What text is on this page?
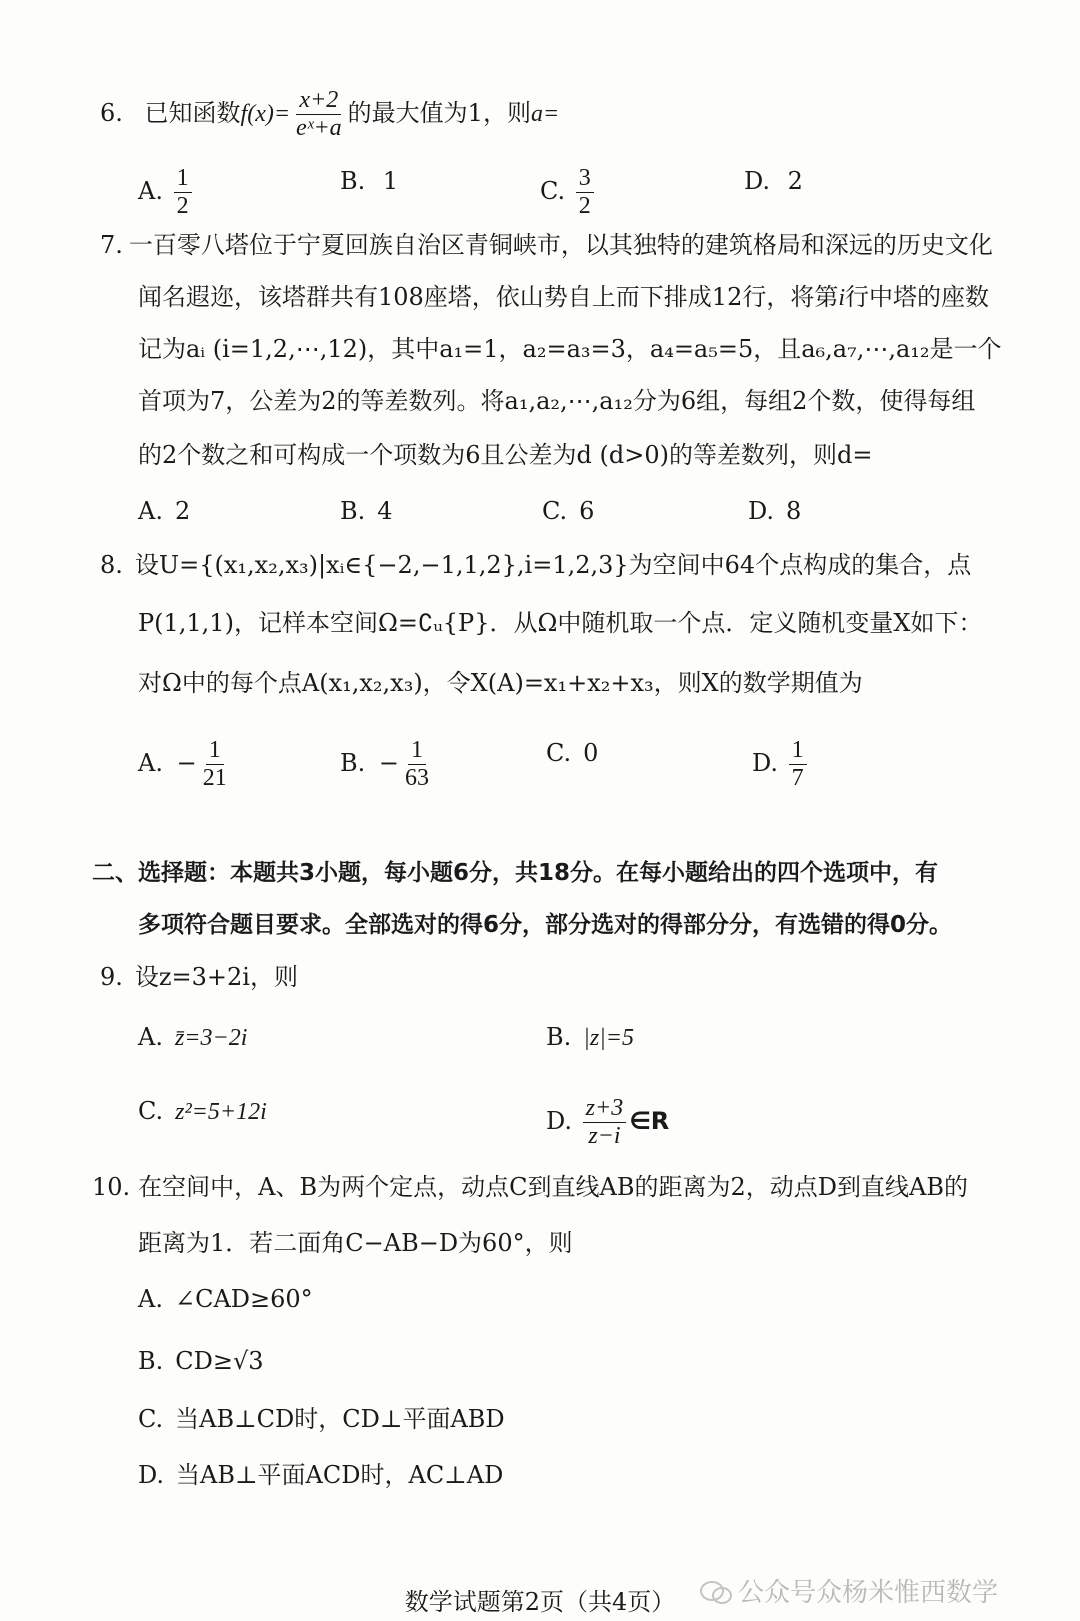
6. 已知函数$f(x)= \frac{x+2}{\text{eˣ+a}}$ 的最大值为1，则a=
A. $\frac{1}{2}$	B. 1	C. $\frac{3}{2}$	D. 2
7. 一百零八塔位于宁夏回族自治区青铜峡市，以其独特的建筑格局和深远的历史文化
闻名遐迩，该塔群共有108座塔，依山势自上而下排成12行，将第i行中塔的座数
记为aᵢ (i=1,2,⋯,12)，其中a₁=1，a₂=a₃=3，a₄=a₅=5，且a₆,a₇,⋯,a₁₂是一个
首项为7，公差为2的等差数列。将a₁,a₂,⋯,a₁₂分为6组，每组2个数，使得每组
的2个数之和可构成一个项数为6且公差为d (d>0)的等差数列，则d=
A. 2	B. 4	C. 6	D. 8
8. 设U={(x₁,x₂,x₃)|xᵢ∈{−2,−1,1,2},i=1,2,3}为空间中64个点构成的集合，点
P(1,1,1)，记样本空间Ω=∁ᵤ{P}．从Ω中随机取一个点．定义随机变量X如下：
对Ω中的每个点A(x₁,x₂,x₃)，令X(A)=x₁+x₂+x₃，则X的数学期值为
A. − $\frac{1}{21}$	B. − $\frac{1}{63}$	C. 0	D. $\frac{1}{7}$
二、选择题：本题共3小题，每小题6分，共18分。在每小题给出的四个选项中，有
多项符合题目要求。全部选对的得6分，部分选对的得部分分，有选错的得0分。
9. 设z=3+2i，则
A. z̄=3−2i	B. |z|=5
C. z²=5+12i	D. $\frac{z+3}{z-i}$ ∈R
10. 在空间中，A、B为两个定点，动点C到直线AB的距离为2，动点D到直线AB的
距离为1．若二面角C−AB−D为60°，则
A. ∠CAD≥60°
B. CD≥√3
C. 当AB⊥CD时，CD⊥平面ABD
D. 当AB⊥平面ACD时，AC⊥AD
公众号众杨米惟西数学
数学试题第2页（共4页）
